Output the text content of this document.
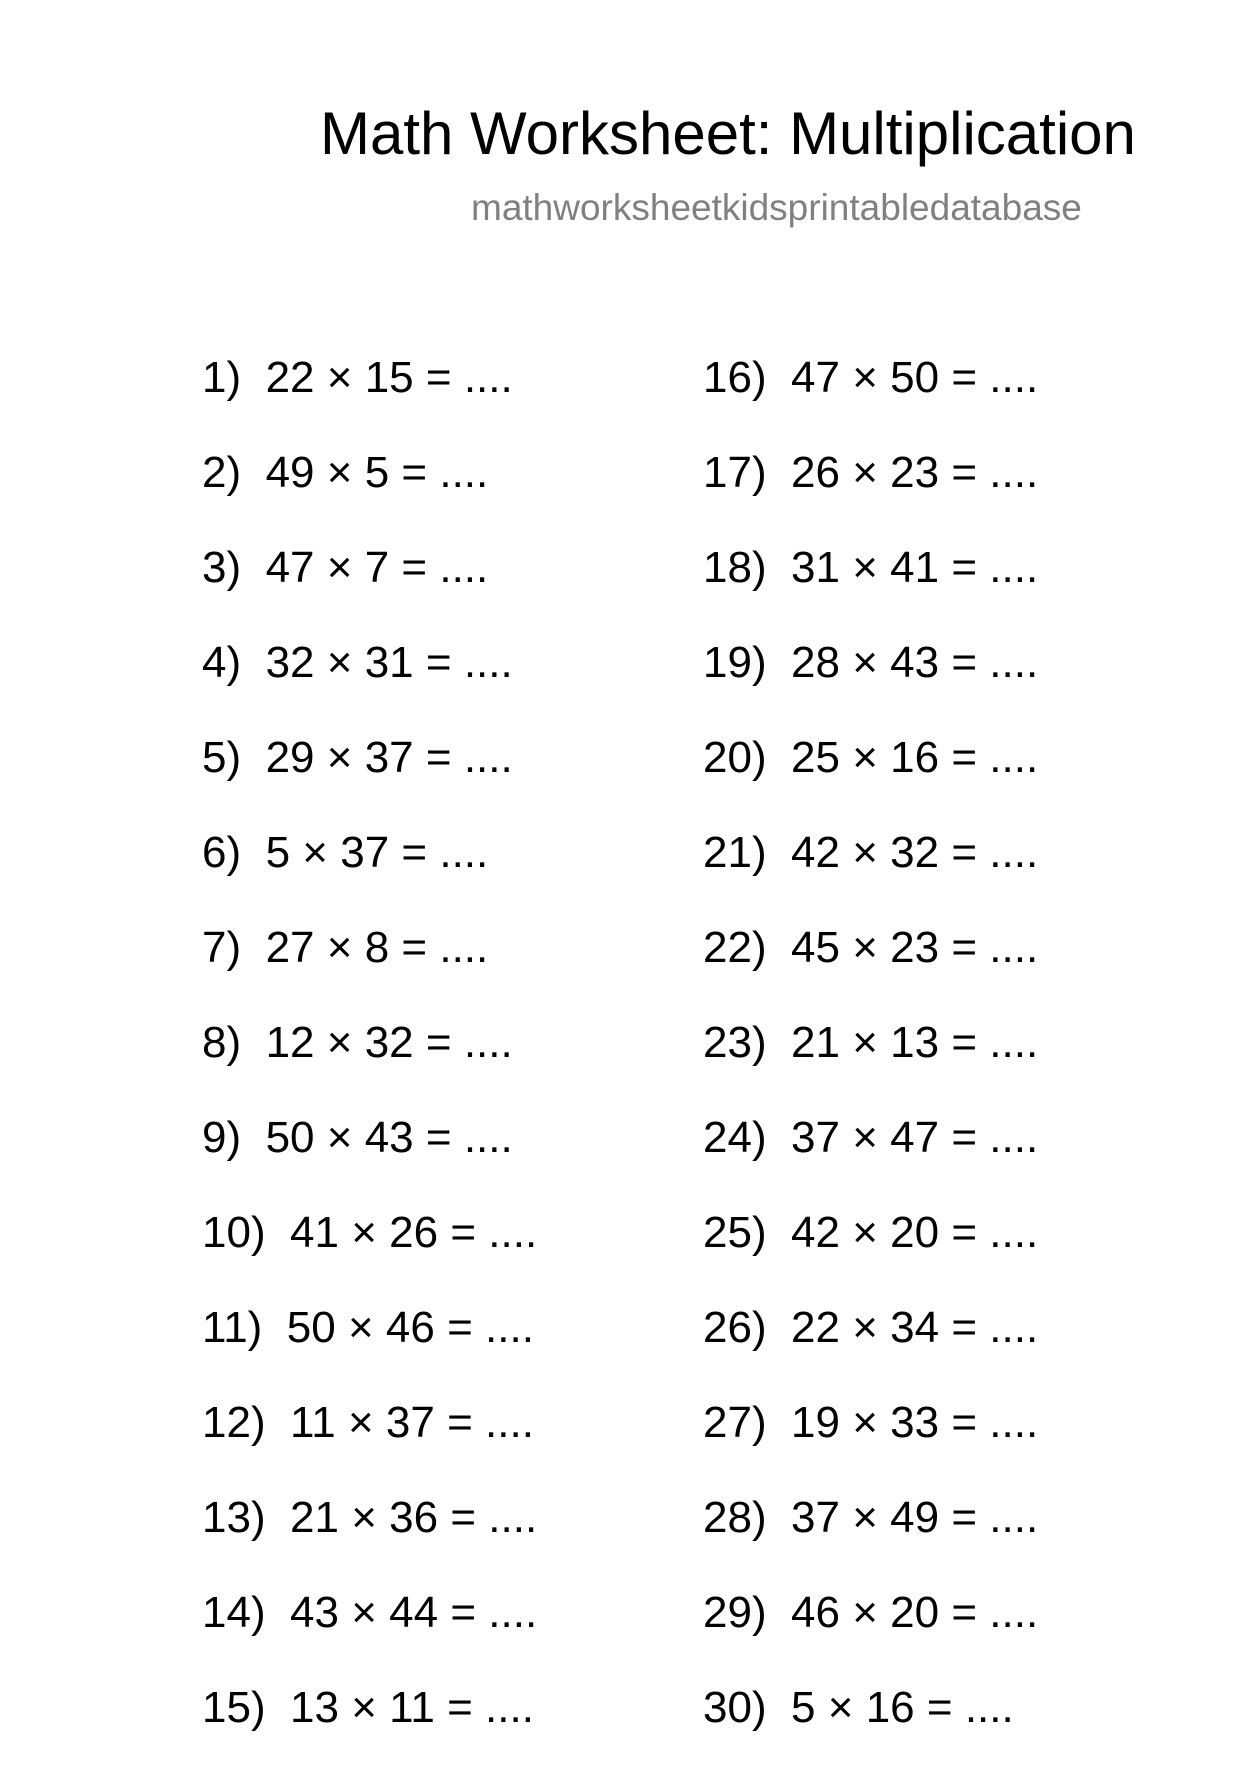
Math Worksheet: Multiplication
mathworksheetkidsprintabledatabase
1) 22 × 15 = ....
2) 49 × 5 = ....
3) 47 × 7 = ....
4) 32 × 31 = ....
5) 29 × 37 = ....
6) 5 × 37 = ....
7) 27 × 8 = ....
8) 12 × 32 = ....
9) 50 × 43 = ....
10) 41 × 26 = ....
11) 50 × 46 = ....
12) 11 × 37 = ....
13) 21 × 36 = ....
14) 43 × 44 = ....
15) 13 × 11 = ....
16) 47 × 50 = ....
17) 26 × 23 = ....
18) 31 × 41 = ....
19) 28 × 43 = ....
20) 25 × 16 = ....
21) 42 × 32 = ....
22) 45 × 23 = ....
23) 21 × 13 = ....
24) 37 × 47 = ....
25) 42 × 20 = ....
26) 22 × 34 = ....
27) 19 × 33 = ....
28) 37 × 49 = ....
29) 46 × 20 = ....
30) 5 × 16 = ....
